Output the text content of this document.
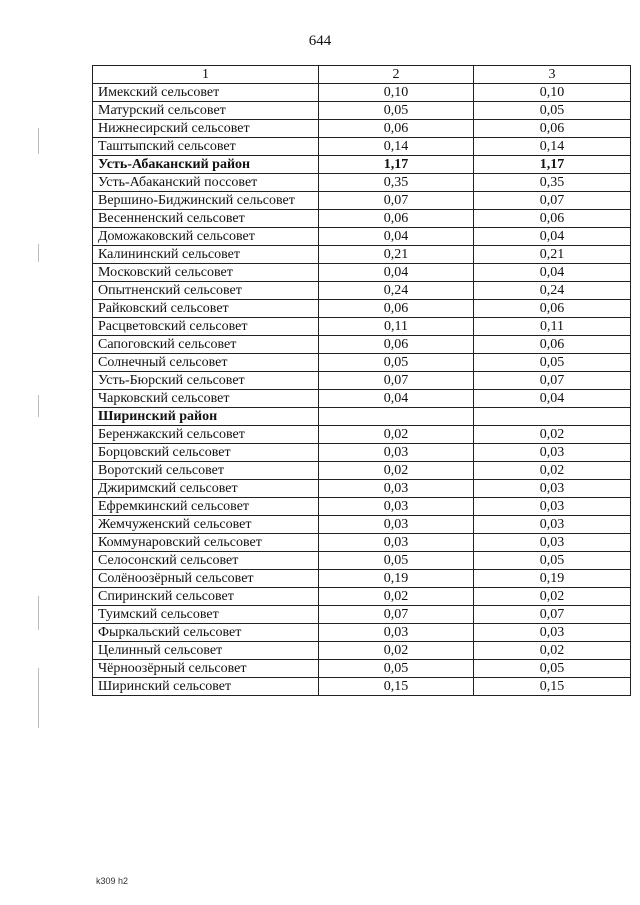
644
1	2	3
Имекский сельсовет	0,10	0,10
Матурский сельсовет	0,05	0,05
Нижнесирский сельсовет	0,06	0,06
Таштыпский сельсовет	0,14	0,14
Усть-Абаканский район	1,17	1,17
Усть-Абаканский поссовет	0,35	0,35
Вершино-Биджинский сельсовет	0,07	0,07
Весенненский сельсовет	0,06	0,06
Доможаковский сельсовет	0,04	0,04
Калининский сельсовет	0,21	0,21
Московский сельсовет	0,04	0,04
Опытненский сельсовет	0,24	0,24
Райковский сельсовет	0,06	0,06
Расцветовский сельсовет	0,11	0,11
Сапоговский сельсовет	0,06	0,06
Солнечный сельсовет	0,05	0,05
Усть-Бюрский сельсовет	0,07	0,07
Чарковский сельсовет	0,04	0,04
Ширинский район		
Беренжакский сельсовет	0,02	0,02
Борцовский сельсовет	0,03	0,03
Воротский сельсовет	0,02	0,02
Джиримский сельсовет	0,03	0,03
Ефремкинский сельсовет	0,03	0,03
Жемчуженский сельсовет	0,03	0,03
Коммунаровский сельсовет	0,03	0,03
Селосонский сельсовет	0,05	0,05
Солёноозёрный сельсовет	0,19	0,19
Спиринский сельсовет	0,02	0,02
Туимский сельсовет	0,07	0,07
Фыркальский сельсовет	0,03	0,03
Целинный сельсовет	0,02	0,02
Чёрноозёрный сельсовет	0,05	0,05
Ширинский сельсовет	0,15	0,15
k309 h2
